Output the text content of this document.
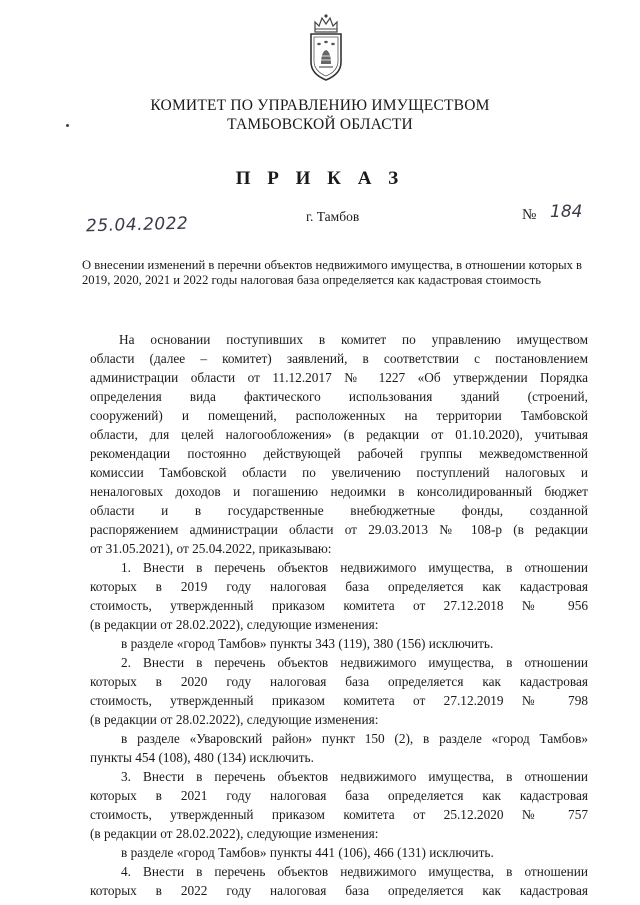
КОМИТЕТ ПО УПРАВЛЕНИЮ ИМУЩЕСТВОМ
ТАМБОВСКОЙ ОБЛАСТИ
П Р И К А З
25.04.2022	г. Тамбов	№ 184
О внесении изменений в перечни объектов недвижимого имущества, в отношении которых в 2019, 2020, 2021 и 2022 годы налоговая база определяется как кадастровая стоимость
На основании поступивших в комитет по управлению имуществом
области (далее – комитет) заявлений, в соответствии с постановлением
администрации области от 11.12.2017 № 1227 «Об утверждении Порядка
определения вида фактического использования зданий (строений,
сооружений) и помещений, расположенных на территории Тамбовской
области, для целей налогообложения» (в редакции от 01.10.2020), учитывая
рекомендации постоянно действующей рабочей группы межведомственной
комиссии Тамбовской области по увеличению поступлений налоговых и
неналоговых доходов и погашению недоимки в консолидированный бюджет
области и в государственные внебюджетные фонды, созданной
распоряжением администрации области от 29.03.2013 № 108-р (в редакции
от 31.05.2021), от 25.04.2022, приказываю:
1. Внести в перечень объектов недвижимого имущества, в отношении
которых в 2019 году налоговая база определяется как кадастровая
стоимость, утвержденный приказом комитета от 27.12.2018 № 956
(в редакции от 28.02.2022), следующие изменения:
в разделе «город Тамбов» пункты 343 (119), 380 (156) исключить.
2. Внести в перечень объектов недвижимого имущества, в отношении
которых в 2020 году налоговая база определяется как кадастровая
стоимость, утвержденный приказом комитета от 27.12.2019 № 798
(в редакции от 28.02.2022), следующие изменения:
в разделе «Уваровский район» пункт 150 (2), в разделе «город Тамбов»
пункты 454 (108), 480 (134) исключить.
3. Внести в перечень объектов недвижимого имущества, в отношении
которых в 2021 году налоговая база определяется как кадастровая
стоимость, утвержденный приказом комитета от 25.12.2020 № 757
(в редакции от 28.02.2022), следующие изменения:
в разделе «город Тамбов» пункты 441 (106), 466 (131) исключить.
4. Внести в перечень объектов недвижимого имущества, в отношении
которых в 2022 году налоговая база определяется как кадастровая
